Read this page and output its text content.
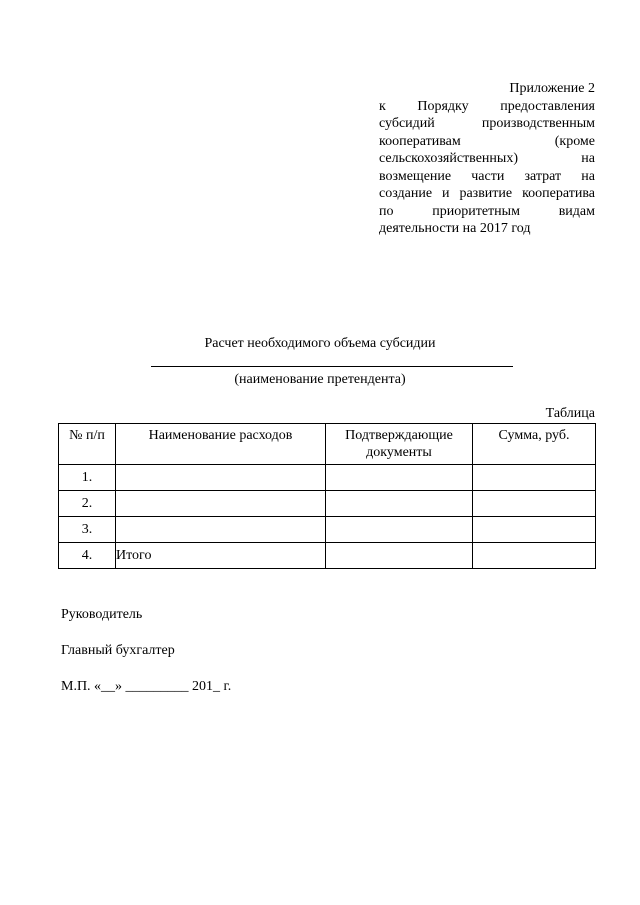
Приложение 2
к Порядку предоставления
субсидий производственным
кооперативам (кроме
сельскохозяйственных) на
возмещение части затрат на
создание и развитие кооператива
по приоритетным видам
деятельности на 2017 год
Расчет необходимого объема субсидии
(наименование претендента)
Таблица
№ п/п	Наименование расходов	Подтверждающие документы	Сумма, руб.
1.			
2.			
3.			
4.	Итого		
Руководитель
Главный бухгалтер
М.П. «__» _________ 201_ г.
